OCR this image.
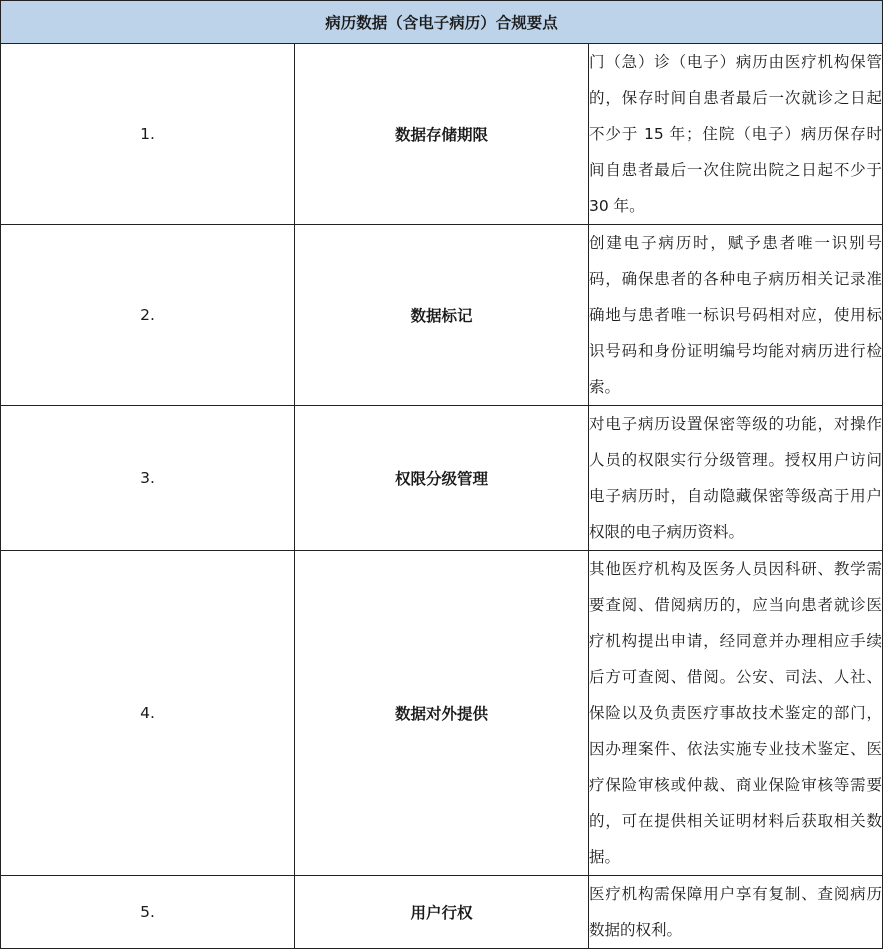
病历数据（含电子病历）合规要点		
1.	数据存储期限	门（急）诊（电子）病历由医疗机构保管的，保存时间自患者最后一次就诊之日起不少于 15 年；住院（电子）病历保存时间自患者最后一次住院出院之日起不少于 30 年。
2.	数据标记	创建电子病历时，赋予患者唯一识别号码，确保患者的各种电子病历相关记录准确地与患者唯一标识号码相对应，使用标识号码和身份证明编号均能对病历进行检索。
3.	权限分级管理	对电子病历设置保密等级的功能，对操作人员的权限实行分级管理。授权用户访问电子病历时，自动隐藏保密等级高于用户权限的电子病历资料。
4.	数据对外提供	其他医疗机构及医务人员因科研、教学需要查阅、借阅病历的，应当向患者就诊医疗机构提出申请，经同意并办理相应手续后方可查阅、借阅。公安、司法、人社、保险以及负责医疗事故技术鉴定的部门，因办理案件、依法实施专业技术鉴定、医疗保险审核或仲裁、商业保险审核等需要的，可在提供相关证明材料后获取相关数据。
5.	用户行权	医疗机构需保障用户享有复制、查阅病历数据的权利。
